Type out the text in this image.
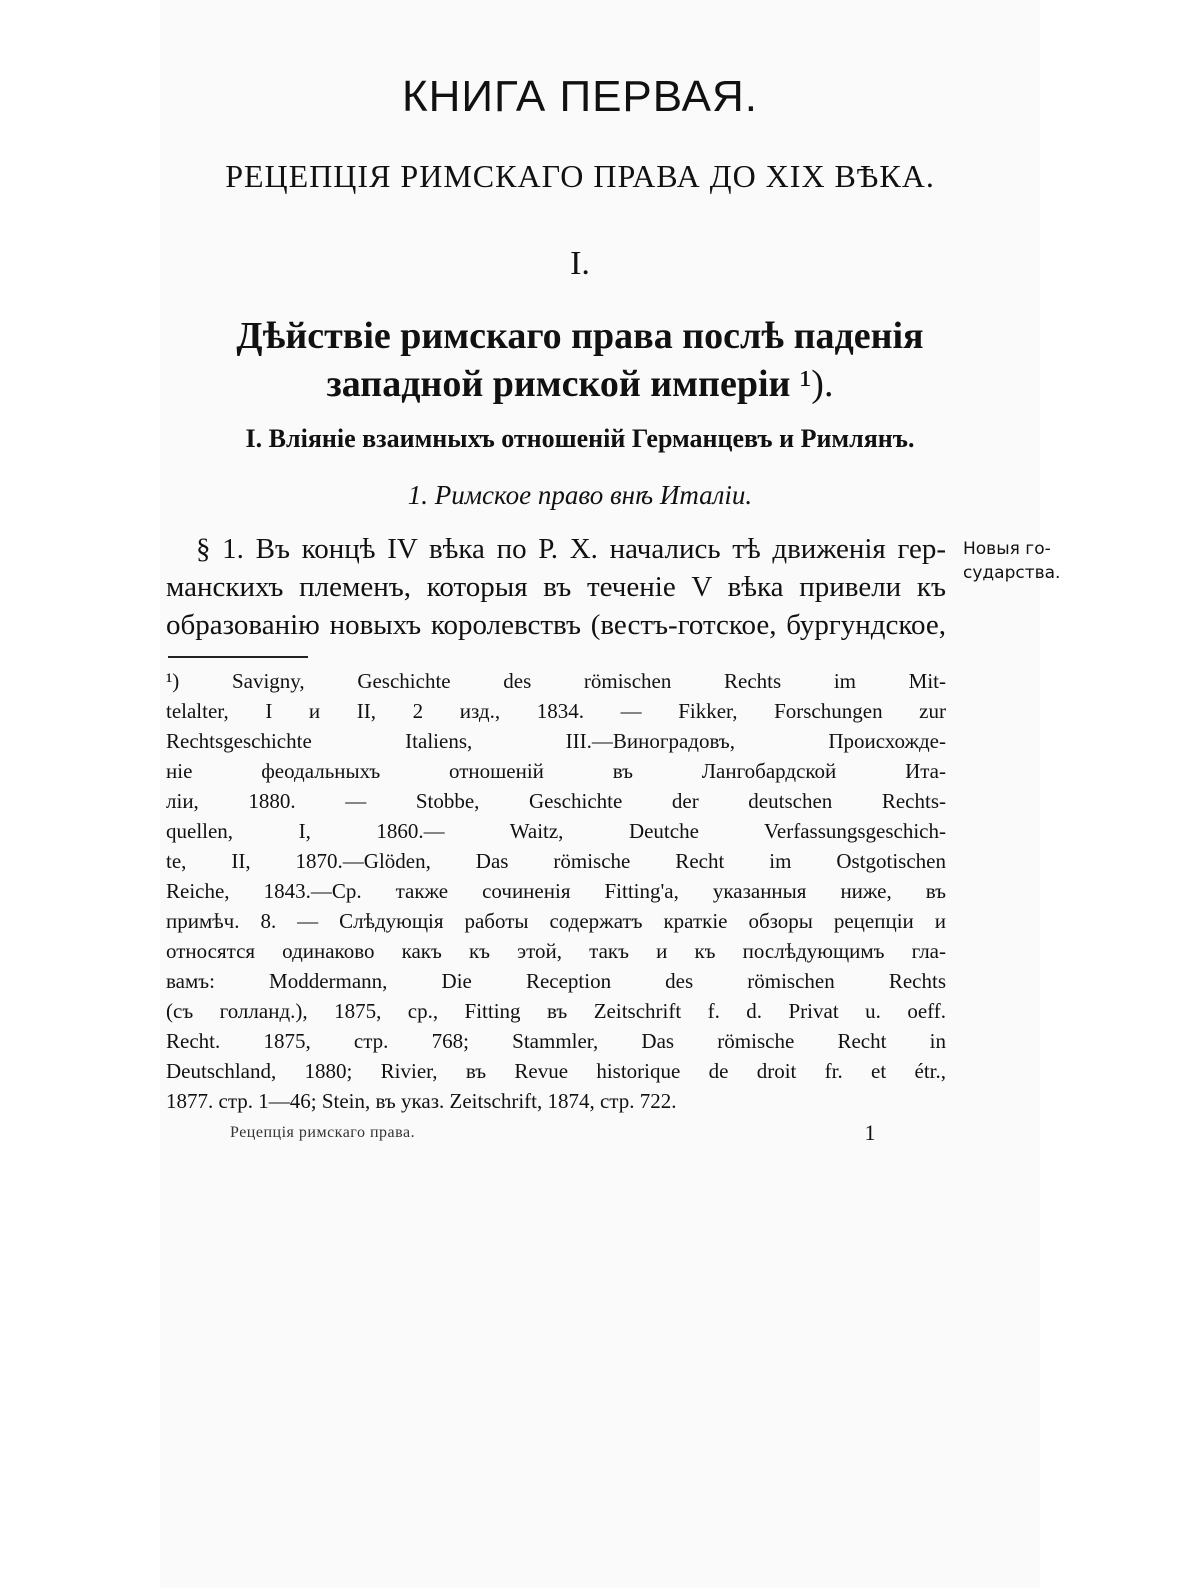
КНИГА ПЕРВАЯ.
РЕЦЕПЦІЯ РИМСКАГО ПРАВА ДО XIX ВѢКА.
I.
Дѣйствіе римскаго права послѣ паденія
западной римской имперіи ¹).
I. Вліяніе взаимныхъ отношеній Германцевъ и Римлянъ.
1. Римское право внѣ Италіи.
§ 1. Въ концѣ IV вѣка по Р. X. начались тѣ движенія гер-
манскихъ племенъ, которыя въ теченіе V вѣка привели къ
образованію новыхъ королевствъ (вестъ-готское, бургундское,
Новыя го-
сударства.
¹) Savigny, Geschichte des römischen Rechts im Mit-
telalter, I и II, 2 изд., 1834. — Fikker, Forschungen zur
Rechtsgeschichte Italiens, III.—Виноградовъ, Происхожде-
ніе феодальныхъ отношеній въ Лангобардской Ита-
ліи, 1880. — Stobbe, Geschichte der deutschen Rechts-
quellen, I, 1860.— Waitz, Deutche Verfassungsgeschich-
te, II, 1870.—Glöden, Das römische Recht im Ostgotischen
Reiche, 1843.—Ср. также сочиненія Fitting'a, указанныя ниже, въ
примѣч. 8. — Слѣдующія работы содержатъ краткіе обзоры рецепціи и
относятся одинаково какъ къ этой, такъ и къ послѣдующимъ гла-
вамъ: Moddermann, Die Reception des römischen Rechts
(съ голланд.), 1875, ср., Fitting въ Zeitschrift f. d. Privat u. oeff.
Recht. 1875, стр. 768; Stammler, Das römische Recht in
Deutschland, 1880; Rivier, въ Revue historique de droit fr. et étr.,
1877. стр. 1—46; Stein, въ указ. Zeitschrift, 1874, стр. 722.
Рецепція римскаго права.	1
